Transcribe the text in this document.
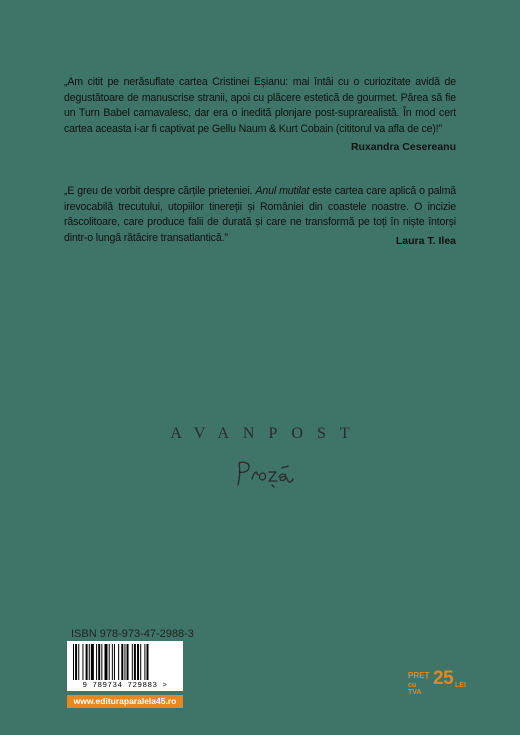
„Am citit pe nerăsuflate cartea Cristinei Eșianu: mai întâi cu o curiozitate avidă de degustătoare de manuscrise stranii, apoi cu plăcere estetică de gourmet. Părea să fie un Turn Babel carnavalesc, dar era o inedită plonjare post-suprarealistă. În mod cert cartea aceasta i-ar fi captivat pe Gellu Naum & Kurt Cobain (cititorul va afla de ce)!”
Ruxandra Cesereanu
„E greu de vorbit despre cărțile prieteniei. Anul mutilat este cartea care aplică o palmă irevocabilă trecutului, utopiilor tinereții și României din coastele noastre. O incizie răscolitoare, care produce falii de durată și care ne transformă pe toți în niște întorși dintr-o lungă rătăcire transatlantică.”	Laura T. Ilea
AVANPOST
ISBN 978-973-47-2988-3
9 789734 729883 >
www.edituraparalela45.ro
PREȚ
cu TVA
25 LEI
